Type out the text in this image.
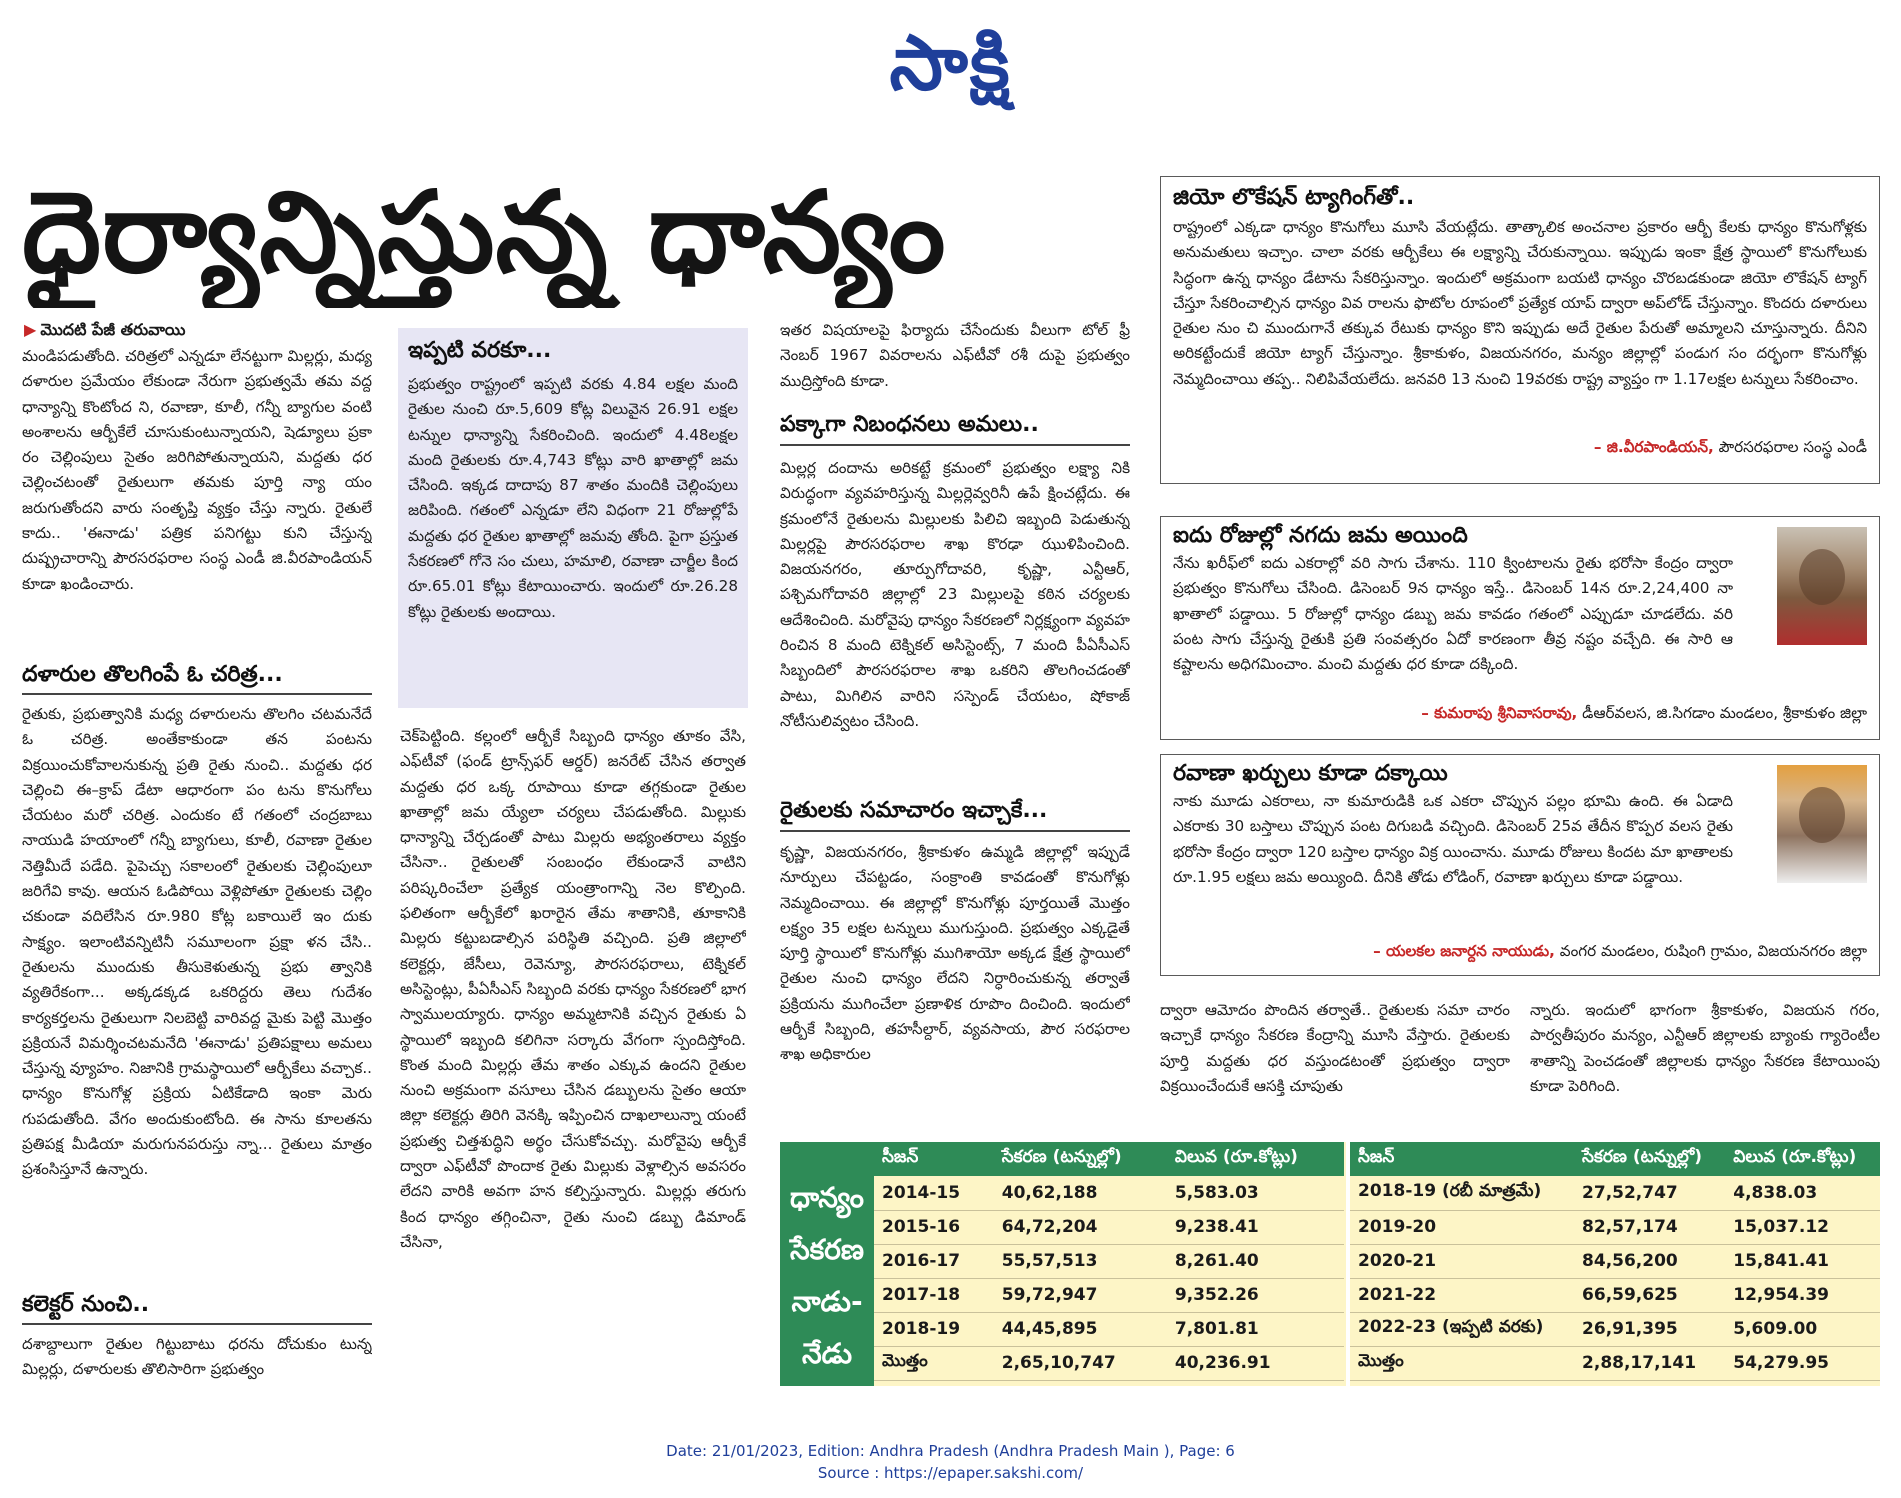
సాక్షి
ధైర్యాన్నిస్తున్న ధాన్యం
▶ మొదటి పేజీ తరువాయి
మండిపడుతోంది. చరిత్రలో ఎన్నడూ లేనట్టుగా మిల్లర్లు, మధ్య దళారుల ప్రమేయం లేకుండా నేరుగా ప్రభుత్వమే తమ వద్ద ధాన్యాన్ని కొంటోంద ని, రవాణా, కూలీ, గన్నీ బ్యాగుల వంటి అంశాలను ఆర్బీకేలే చూసుకుంటున్నాయని, షెడ్యూలు ప్రకా రం చెల్లింపులు సైతం జరిగిపోతున్నాయని, మద్దతు ధర చెల్లించటంతో రైతులుగా తమకు పూర్తి న్యా యం జరుగుతోందని వారు సంతృప్తి వ్యక్తం చేస్తు న్నారు. రైతులే కాదు.. 'ఈనాడు' పత్రిక పనిగట్టు కుని చేస్తున్న దుష్ప్రచారాన్ని పౌరసరఫరాల సంస్థ ఎండీ జి.వీరపాండియన్‌ కూడా ఖండించారు.
దళారుల తొలగింపే ఓ చరిత్ర...
రైతుకు, ప్రభుత్వానికి మధ్య దళారులను తొలగిం చటమనేదే ఓ చరిత్ర. అంతేకాకుండా తన పంటను విక్రయించుకోవాలనుకున్న ప్రతి రైతు నుంచి.. మద్దతు ధర చెల్లించి ఈ–క్రాప్‌ డేటా ఆధారంగా పం టను కొనుగోలు చేయటం మరో చరిత్ర. ఎందుకం టే గతంలో చంద్రబాబు నాయుడి హయాంలో గన్నీ బ్యాగులు, కూలీ, రవాణా రైతుల నెత్తిమీదే పడేది. పైపెచ్చు సకాలంలో రైతులకు చెల్లింపులూ జరిగేవి కావు. ఆయన ఓడిపోయి వెళ్లిపోతూ రైతులకు చెల్లిం చకుండా వదిలేసిన రూ.980 కోట్ల బకాయిలే ఇం దుకు సాక్ష్యం. ఇలాంటివన్నిటినీ సమూలంగా ప్రక్షా ళన చేసి.. రైతులను ముందుకు తీసుకెళుతున్న ప్రభు త్వానికి వ్యతిరేకంగా... అక్కడక్కడ ఒకరిద్దరు తెలు గుదేశం కార్యకర్తలను రైతులుగా నిలబెట్టి వారివద్ద మైకు పెట్టి మొత్తం ప్రక్రియనే విమర్శించటమనేది 'ఈనాడు' ప్రతిపక్షాలు అమలు చేస్తున్న వ్యూహం. నిజానికి గ్రామస్థాయిలో ఆర్బీకేలు వచ్చాక.. ధాన్యం కొనుగోళ్ల ప్రక్రియ ఏటికేడాది ఇంకా మెరు గుపడుతోంది. వేగం అందుకుంటోంది. ఈ సాను కూలతను ప్రతిపక్ష మీడియా మరుగునపరుస్తు న్నా... రైతులు మాత్రం ప్రశంసిస్తూనే ఉన్నారు.
కలెక్టర్‌ నుంచి..
దశాబ్దాలుగా రైతుల గిట్టుబాటు ధరను దోచుకుం టున్న మిల్లర్లు, దళారులకు తొలిసారిగా ప్రభుత్వం
ఇప్పటి వరకూ...
ప్రభుత్వం రాష్ట్రంలో ఇప్పటి వరకు 4.84 లక్షల మంది రైతుల నుంచి రూ.5,609 కోట్ల విలువైన 26.91 లక్షల టన్నుల ధాన్యాన్ని సేకరించింది. ఇందులో 4.48లక్షల మంది రైతులకు రూ.4,743 కోట్లు వారి ఖాతాల్లో జమ చేసింది. ఇక్కడ దాదాపు 87 శాతం మందికి చెల్లింపులు జరిపింది. గతంలో ఎన్నడూ లేని విధంగా 21 రోజుల్లోపే మద్దతు ధర రైతుల ఖాతాల్లో జమవు తోంది. పైగా ప్రస్తుత సేకరణలో గోనె సం చులు, హమాలి, రవాణా చార్జీల కింద రూ.65.01 కోట్లు కేటాయించారు. ఇందులో రూ.26.28 కోట్లు రైతులకు అందాయి.
చెక్‌పెట్టింది. కల్లంలో ఆర్బీకే సిబ్బంది ధాన్యం తూకం వేసి, ఎఫ్‌టీవో (ఫండ్‌ ట్రాన్స్‌ఫర్‌ ఆర్డర్‌) జనరేట్‌ చేసిన తర్వాత మద్దతు ధర ఒక్క రూపాయి కూడా తగ్గకుండా రైతుల ఖాతాల్లో జమ య్యేలా చర్యలు చేపడుతోంది. మిల్లుకు ధాన్యాన్ని చేర్చడంతో పాటు మిల్లరు అభ్యంతరాలు వ్యక్తం చేసినా.. రైతులతో సంబంధం లేకుండానే వాటిని పరిష్కరించేలా ప్రత్యేక యంత్రాంగాన్ని నెల కొల్పింది. ఫలితంగా ఆర్బీకేలో ఖరారైన తేమ శాతానికి, తూకానికి మిల్లరు కట్టుబడాల్సిన పరిస్థితి వచ్చింది. ప్రతి జిల్లాలో కలెక్టర్లు, జేసీలు, రెవెన్యూ, పౌరసరఫరాలు, టెక్నికల్‌ అసిస్టెంట్లు, పీఏసీఎస్‌ సిబ్బంది వరకు ధాన్యం సేకరణలో భాగ స్వాములయ్యారు. ధాన్యం అమ్మటానికి వచ్చిన రైతుకు ఏ స్థాయిలో ఇబ్బంది కలిగినా సర్కారు వేగంగా స్పందిస్తోంది. కొంత మంది మిల్లర్లు తేమ శాతం ఎక్కువ ఉందని రైతుల నుంచి అక్రమంగా వసూలు చేసిన డబ్బులను సైతం ఆయా జిల్లా కలెక్టర్లు తిరిగి వెనక్కి ఇప్పించిన దాఖలాలున్నా యంటే ప్రభుత్వ చిత్తశుద్ధిని అర్థం చేసుకోవచ్చు. మరోవైపు ఆర్బీకే ద్వారా ఎఫ్‌టీవో పొందాక రైతు మిల్లుకు వెళ్లాల్సిన అవసరం లేదని వారికి అవగా హన కల్పిస్తున్నారు. మిల్లర్లు తరుగు కింద ధాన్యం తగ్గించినా, రైతు నుంచి డబ్బు డిమాండ్‌ చేసినా,
ఇతర విషయాలపై ఫిర్యాదు చేసేందుకు వీలుగా టోల్‌ ఫ్రీ నెంబర్‌ 1967 వివరాలను ఎఫ్‌టీవో రశీ దుపై ప్రభుత్వం ముద్రిస్తోంది కూడా.
పక్కాగా నిబంధనలు అమలు..
మిల్లర్ల దందాను అరికట్టే క్రమంలో ప్రభుత్వం లక్ష్యా నికి విరుద్ధంగా వ్యవహరిస్తున్న మిల్లర్లెవ్వరినీ ఉపే క్షించట్లేదు. ఈ క్రమంలోనే రైతులను మిల్లులకు పిలిచి ఇబ్బంది పెడుతున్న మిల్లర్లపై పౌరసరఫరాల శాఖ కొరఢా ఝుళిపించింది. విజయనగరం, తూర్పుగోదావరి, కృష్ణా, ఎన్టీఆర్‌, పశ్చిమగోదావరి జిల్లాల్లో 23 మిల్లులపై కఠిన చర్యలకు ఆదేశించింది. మరోవైపు ధాన్యం సేకరణలో నిర్లక్ష్యంగా వ్యవహ రించిన 8 మంది టెక్నికల్‌ అసిస్టెంట్స్‌, 7 మంది పీఏసీఎస్‌ సిబ్బందిలో పౌరసరఫరాల శాఖ ఒకరిని తొలగించడంతో పాటు, మిగిలిన వారిని సస్పెండ్‌ చేయటం, షోకాజ్‌ నోటీసులివ్వటం చేసింది.
రైతులకు సమాచారం ఇచ్చాకే...
కృష్ణా, విజయనగరం, శ్రీకాకుళం ఉమ్మడి జిల్లాల్లో ఇప్పుడే నూర్పులు చేపట్టడం, సంక్రాంతి కావడంతో కొనుగోళ్లు నెమ్మదించాయి. ఈ జిల్లాల్లో కొనుగోళ్లు పూర్తయితే మొత్తం లక్ష్యం 35 లక్షల టన్నులు ముగుస్తుంది. ప్రభుత్వం ఎక్కడైతే పూర్తి స్థాయిలో కొనుగోళ్లు ముగిశాయో అక్కడ క్షేత్ర స్థాయిలో రైతుల నుంచి ధాన్యం లేదని నిర్ధారించుకున్న తర్వాతే ప్రక్రియను ముగించేలా ప్రణాళిక రూపొం దించింది. ఇందులో ఆర్బీకే సిబ్బంది, తహసీల్దార్‌, వ్యవసాయ, పౌర సరఫరాల శాఖ అధికారుల
జియో లొకేషన్‌ ట్యాగింగ్‌తో..
రాష్ట్రంలో ఎక్కడా ధాన్యం కొనుగోలు మూసి వేయట్లేదు. తాత్కాలిక అంచనాల ప్రకారం ఆర్బీ కేలకు ధాన్యం కొనుగోళ్లకు అనుమతులు ఇచ్చాం. చాలా వరకు ఆర్బీకేలు ఈ లక్ష్యాన్ని చేరుకున్నాయి. ఇప్పుడు ఇంకా క్షేత్ర స్థాయిలో కొనుగోలుకు సిద్ధంగా ఉన్న ధాన్యం డేటాను సేకరిస్తున్నాం. ఇందులో అక్రమంగా బయటి ధాన్యం చొరబడకుండా జియో లొకేషన్‌ ట్యాగ్‌ చేస్తూ సేకరించాల్సిన ధాన్యం వివ రాలను ఫొటోల రూపంలో ప్రత్యేక యాప్‌ ద్వారా అప్‌లోడ్‌ చేస్తున్నాం. కొందరు దళారులు రైతుల నుం చి ముందుగానే తక్కువ రేటుకు ధాన్యం కొని ఇప్పుడు అదే రైతుల పేరుతో అమ్మాలని చూస్తున్నారు. దీనిని అరికట్టేందుకే జియో ట్యాగ్‌ చేస్తున్నాం. శ్రీకాకుళం, విజయనగరం, మన్యం జిల్లాల్లో పండుగ సం దర్భంగా కొనుగోళ్లు నెమ్మదించాయి తప్ప.. నిలిపివేయలేదు. జనవరి 13 నుంచి 19వరకు రాష్ట్ర వ్యాప్తం గా 1.17లక్షల టన్నులు సేకరించాం.
– జి.వీరపాండియన్‌, పౌరసరఫరాల సంస్థ ఎండీ
ఐదు రోజుల్లో నగదు జమ అయింది
నేను ఖరీఫ్‌లో ఐదు ఎకరాల్లో వరి సాగు చేశాను. 110 క్వింటాలను రైతు భరోసా కేంద్రం ద్వారా ప్రభుత్వం కొనుగోలు చేసింది. డిసెంబర్‌ 9న ధాన్యం ఇస్తే.. డిసెంబర్‌ 14న రూ.2,24,400 నా ఖాతాలో పడ్డాయి. 5 రోజుల్లో ధాన్యం డబ్బు జమ కావడం గతంలో ఎప్పుడూ చూడలేదు. వరి పంట సాగు చేస్తున్న రైతుకి ప్రతి సంవత్సరం ఏదో కారణంగా తీవ్ర నష్టం వచ్చేది. ఈ సారి ఆ కష్టాలను అధిగమించాం. మంచి మద్దతు ధర కూడా దక్కింది.
– కుమరాపు శ్రీనివాసరావు, డీఆర్‌వలస, జి.సిగడాం మండలం, శ్రీకాకుళం జిల్లా
రవాణా ఖర్చులు కూడా దక్కాయి
నాకు మూడు ఎకరాలు, నా కుమారుడికి ఒక ఎకరా చొప్పున పల్లం భూమి ఉంది. ఈ ఏడాది ఎకరాకు 30 బస్తాలు చొప్పున పంట దిగుబడి వచ్చింది. డిసెంబర్‌ 25వ తేదీన కొప్పర వలస రైతు భరోసా కేంద్రం ద్వారా 120 బస్తాల ధాన్యం విక్ర యించాను. మూడు రోజులు కిందట మా ఖాతాలకు రూ.1.95 లక్షలు జమ అయ్యింది. దీనికి తోడు లోడింగ్‌, రవాణా ఖర్చులు కూడా పడ్డాయి.
– యలకల జనార్దన నాయుడు, వంగర మండలం, రుషింగి గ్రామం, విజయనగరం జిల్లా
ద్వారా ఆమోదం పొందిన తర్వాతే.. రైతులకు సమా చారం ఇచ్చాకే ధాన్యం సేకరణ కేంద్రాన్ని మూసి వేస్తారు. రైతులకు పూర్తి మద్దతు ధర వస్తుండటంతో ప్రభుత్వం ద్వారా విక్రయించేందుకే ఆసక్తి చూపుతు
న్నారు. ఇందులో భాగంగా శ్రీకాకుళం, విజయన గరం, పార్వతీపురం మన్యం, ఎన్టీఆర్‌ జిల్లాలకు బ్యాంకు గ్యారెంటీల శాతాన్ని పెంచడంతో జిల్లాలకు ధాన్యం సేకరణ కేటాయింపు కూడా పెరిగింది.
ధాన్యం
సేకరణ
నాడు-
నేడు
సీజన్‌	సేకరణ (టన్నుల్లో)	విలువ (రూ.కోట్లు)
2014-15	40,62,188	5,583.03
2015-16	64,72,204	9,238.41
2016-17	55,57,513	8,261.40
2017-18	59,72,947	9,352.26
2018-19	44,45,895	7,801.81
మొత్తం	2,65,10,747	40,236.91
సీజన్‌	సేకరణ (టన్నుల్లో)	విలువ (రూ.కోట్లు)
2018-19 (రబీ మాత్రమే)	27,52,747	4,838.03
2019-20	82,57,174	15,037.12
2020-21	84,56,200	15,841.41
2021-22	66,59,625	12,954.39
2022-23 (ఇప్పటి వరకు)	26,91,395	5,609.00
మొత్తం	2,88,17,141	54,279.95
Date: 21/01/2023, Edition: Andhra Pradesh (Andhra Pradesh Main ), Page: 6
Source : https://epaper.sakshi.com/
